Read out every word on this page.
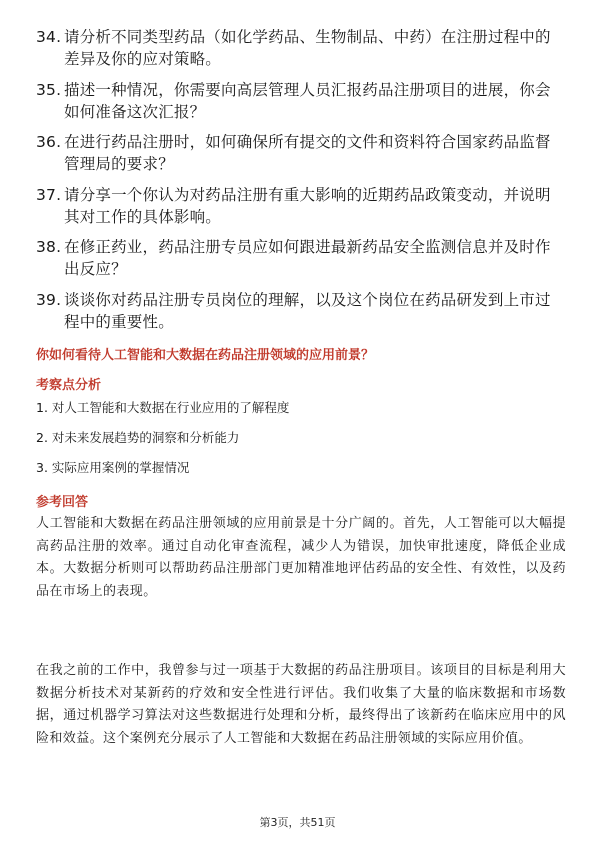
34. 请分析不同类型药品（如化学药品、生物制品、中药）在注册过程中的差异及你的应对策略。
35. 描述一种情况，你需要向高层管理人员汇报药品注册项目的进展，你会如何准备这次汇报？
36. 在进行药品注册时，如何确保所有提交的文件和资料符合国家药品监督管理局的要求？
37. 请分享一个你认为对药品注册有重大影响的近期药品政策变动，并说明其对工作的具体影响。
38. 在修正药业，药品注册专员应如何跟进最新药品安全监测信息并及时作出反应？
39. 谈谈你对药品注册专员岗位的理解，以及这个岗位在药品研发到上市过程中的重要性。
你如何看待人工智能和大数据在药品注册领域的应用前景？
考察点分析
1. 对人工智能和大数据在行业应用的了解程度
2. 对未来发展趋势的洞察和分析能力
3. 实际应用案例的掌握情况
参考回答
人工智能和大数据在药品注册领域的应用前景是十分广阔的。首先，人工智能可以大幅提高药品注册的效率。通过自动化审查流程，减少人为错误，加快审批速度，降低企业成本。大数据分析则可以帮助药品注册部门更加精准地评估药品的安全性、有效性，以及药品在市场上的表现。
在我之前的工作中，我曾参与过一项基于大数据的药品注册项目。该项目的目标是利用大数据分析技术对某新药的疗效和安全性进行评估。我们收集了大量的临床数据和市场数据，通过机器学习算法对这些数据进行处理和分析，最终得出了该新药在临床应用中的风险和效益。这个案例充分展示了人工智能和大数据在药品注册领域的实际应用价值。
第3页，共51页
